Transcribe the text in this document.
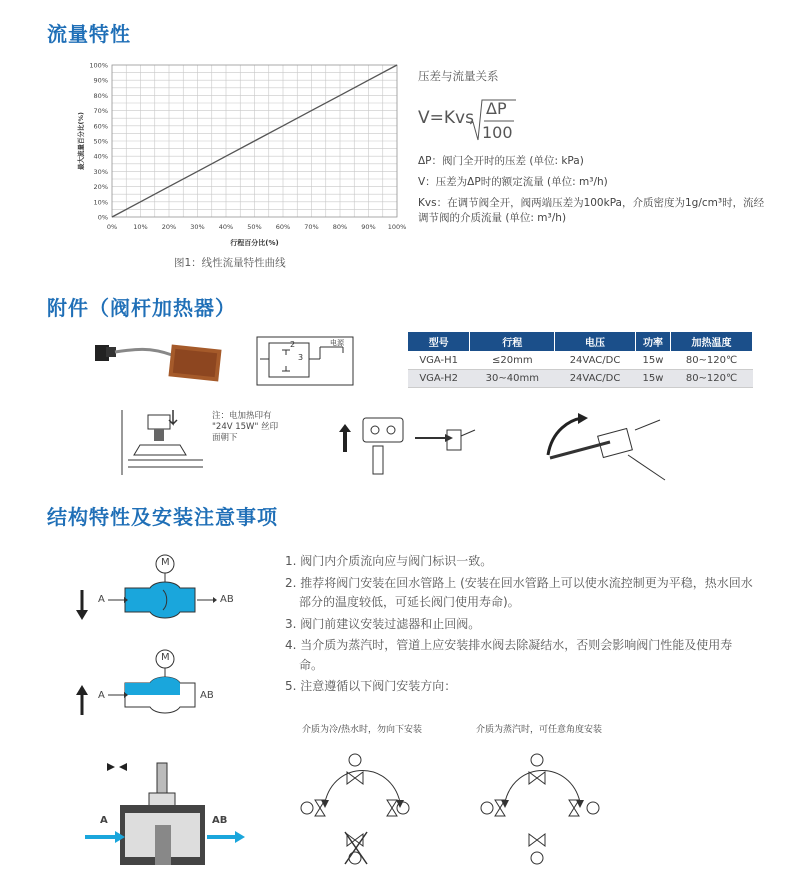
流量特性
附件（阀杆加热器）
结构特性及安装注意事项
0% 10% 20% 30% 40% 50% 60% 70% 80% 90% 100%
0%
10%
20%
30%
40%
50%
60%
70%
80%
90%
100%
行程百分比(%)
最大流量百分比(%)
图1：线性流量特性曲线
压差与流量关系
V=Kvs ΔP
100
ΔP：阀门全开时的压差 (单位: kPa)
V：压差为ΔP时的额定流量 (单位: m³/h)
Kvs：在调节阀全开，阀两端压差为100kPa，介质密度为1g/cm³时，流经
调节阀的介质流量 (单位: m³/h)
2
3
电源	型号	行程	电压	功率	加热温度
VGA-H1	≤20mm	24VAC/DC	15w	80~120℃
VGA-H2	30~40mm	24VAC/DC	15w	80~120℃
注：电加热印有
"24V 15W" 丝印
面朝下
A	AB
M
A	AB
M
A	AB
1. 阀门内介质流向应与阀门标识一致。
2. 推荐将阀门安装在回水管路上 (安装在回水管路上可以使水流控制更为平稳，热水回水部分的温度较低，可延长阀门使用寿命)。
3. 阀门前建议安装过滤器和止回阀。
4. 当介质为蒸汽时，管道上应安装排水阀去除凝结水，否则会影响阀门性能及使用寿命。
5. 注意遵循以下阀门安装方向：
介质为冷/热水时，勿向下安装	介质为蒸汽时，可任意角度安装
